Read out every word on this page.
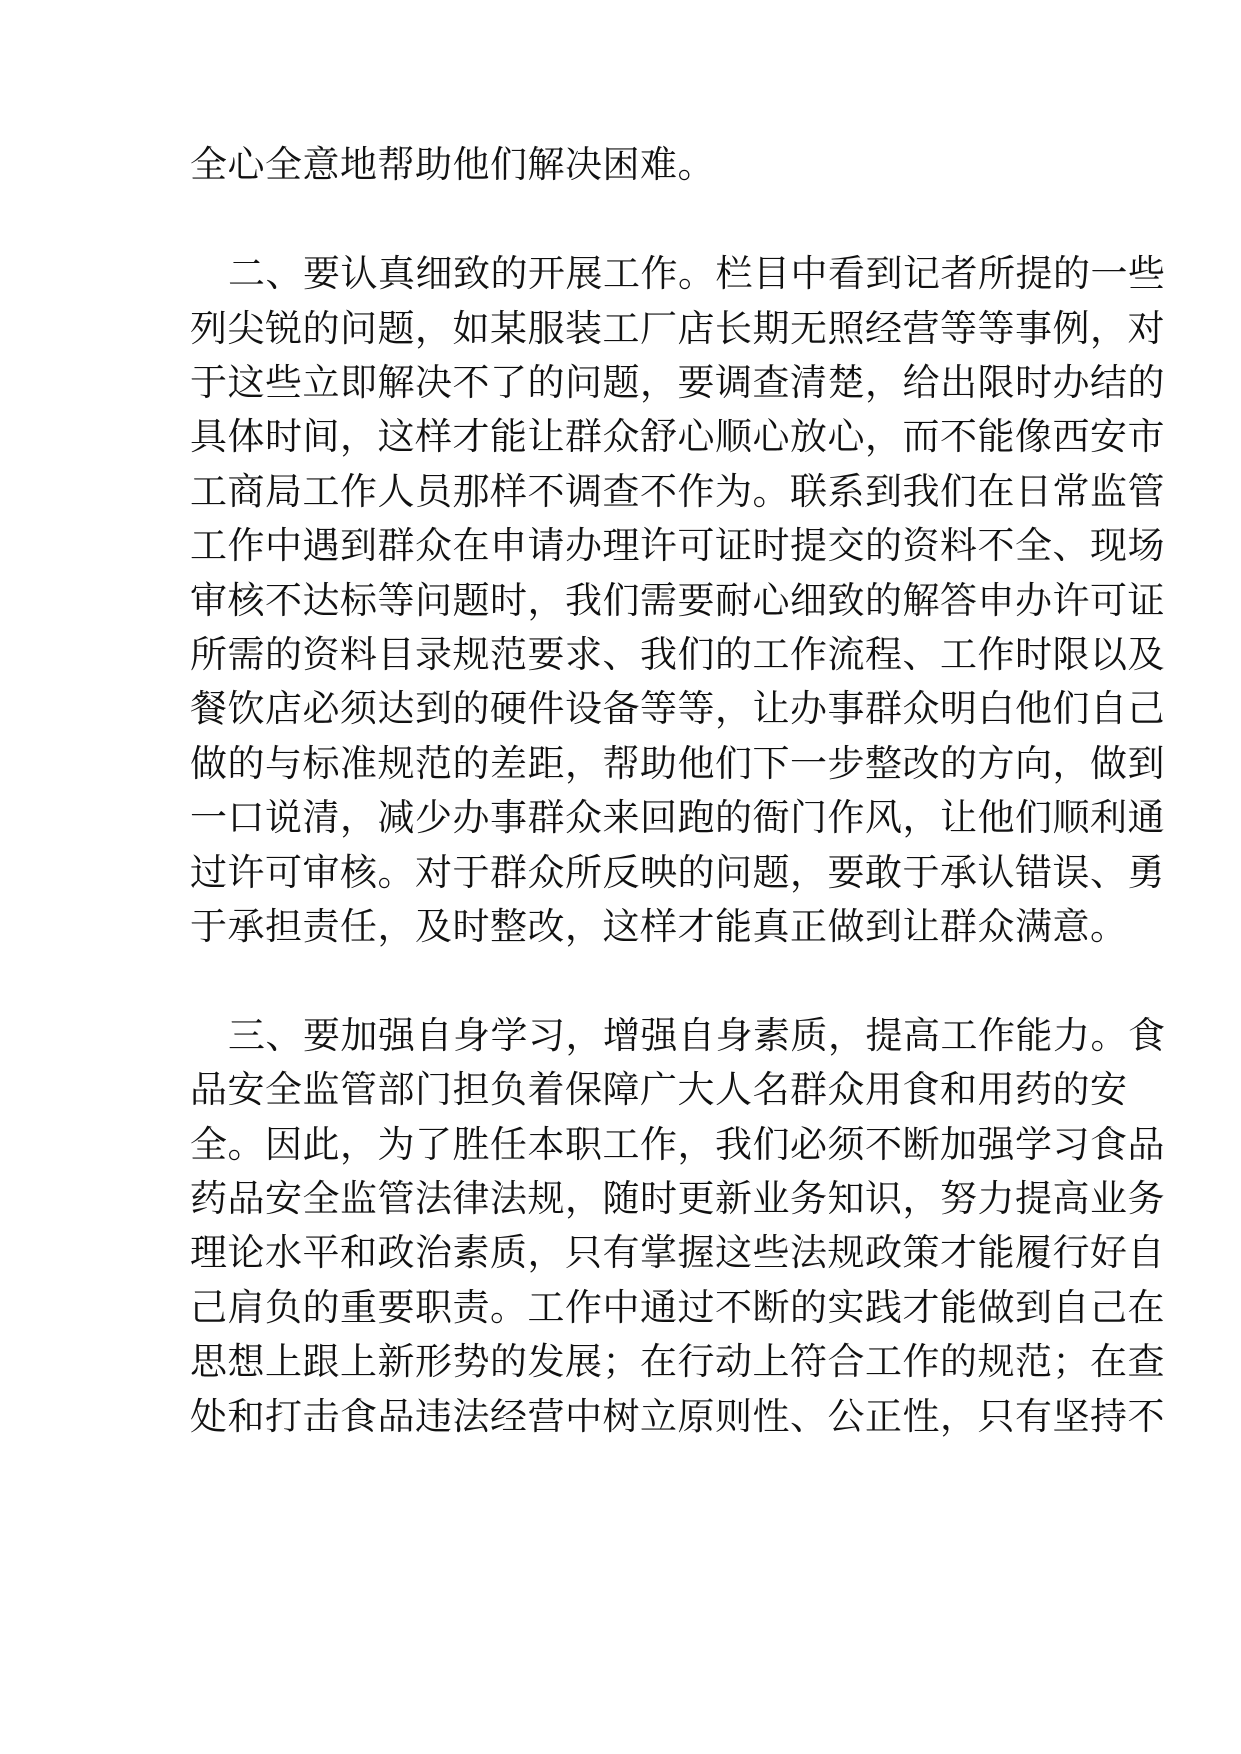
全心全意地帮助他们解决困难。
二、要认真细致的开展工作。栏目中看到记者所提的一些
列尖锐的问题，如某服装工厂店长期无照经营等等事例，对
于这些立即解决不了的问题，要调查清楚，给出限时办结的
具体时间，这样才能让群众舒心顺心放心，而不能像西安市
工商局工作人员那样不调查不作为。联系到我们在日常监管
工作中遇到群众在申请办理许可证时提交的资料不全、现场
审核不达标等问题时，我们需要耐心细致的解答申办许可证
所需的资料目录规范要求、我们的工作流程、工作时限以及
餐饮店必须达到的硬件设备等等，让办事群众明白他们自己
做的与标准规范的差距，帮助他们下一步整改的方向，做到
一口说清，减少办事群众来回跑的衙门作风，让他们顺利通
过许可审核。对于群众所反映的问题，要敢于承认错误、勇
于承担责任，及时整改，这样才能真正做到让群众满意。
三、要加强自身学习，增强自身素质，提高工作能力。食
品安全监管部门担负着保障广大人名群众用食和用药的安
全。因此，为了胜任本职工作，我们必须不断加强学习食品
药品安全监管法律法规，随时更新业务知识，努力提高业务
理论水平和政治素质，只有掌握这些法规政策才能履行好自
己肩负的重要职责。工作中通过不断的实践才能做到自己在
思想上跟上新形势的发展；在行动上符合工作的规范；在查
处和打击食品违法经营中树立原则性、公正性，只有坚持不
